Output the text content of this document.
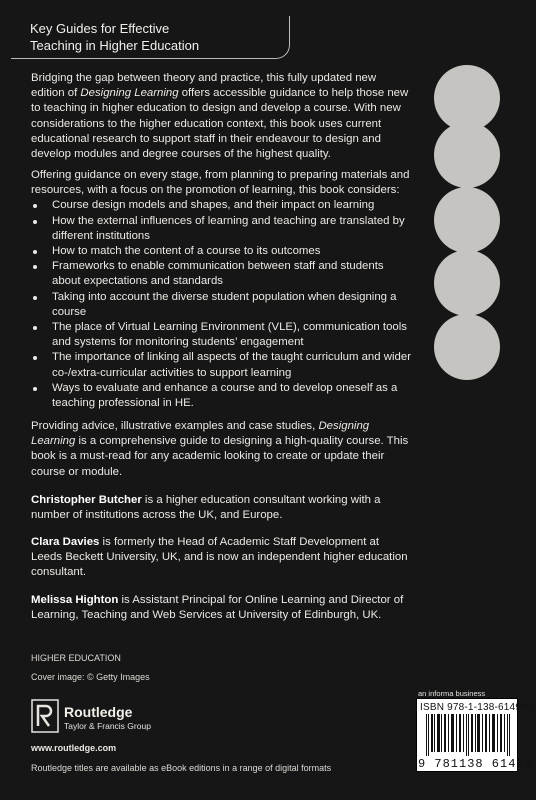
Key Guides for Effective
Teaching in Higher Education

Bridging the gap between theory and practice, this fully updated new edition of Designing Learning offers accessible guidance to help those new to teaching in higher education to design and develop a course. With new considerations to the higher education context, this book uses current educational research to support staff in their endeavour to design and develop modules and degree courses of the highest quality.

Offering guidance on every stage, from planning to preparing materials and resources, with a focus on the promotion of learning, this book considers:

Course design models and shapes, and their impact on learning
How the external influences of learning and teaching are translated by different institutions
How to match the content of a course to its outcomes
Frameworks to enable communication between staff and students about expectations and standards
Taking into account the diverse student population when designing a course
The place of Virtual Learning Environment (VLE), communication tools and systems for monitoring students’ engagement
The importance of linking all aspects of the taught curriculum and wider co-/extra-curricular activities to support learning
Ways to evaluate and enhance a course and to develop oneself as a teaching professional in HE.

Providing advice, illustrative examples and case studies, Designing Learning is a comprehensive guide to designing a high-quality course. This book is a must-read for any academic looking to create or update their course or module.

Christopher Butcher is a higher education consultant working with a number of institutions across the UK, and Europe.

Clara Davies is formerly the Head of Academic Staff Development at Leeds Beckett University, UK, and is now an independent higher education consultant.

Melissa Highton is Assistant Principal for Online Learning and Director of Learning, Teaching and Web Services at University of Edinburgh, UK.

HIGHER EDUCATION
Cover image: © Getty Images
Routledge
Taylor & Francis Group
www.routledge.com
Routledge titles are available as eBook editions in a range of digital formats
an informa business
ISBN 978-1-138-61490-1
9 781138 61490
